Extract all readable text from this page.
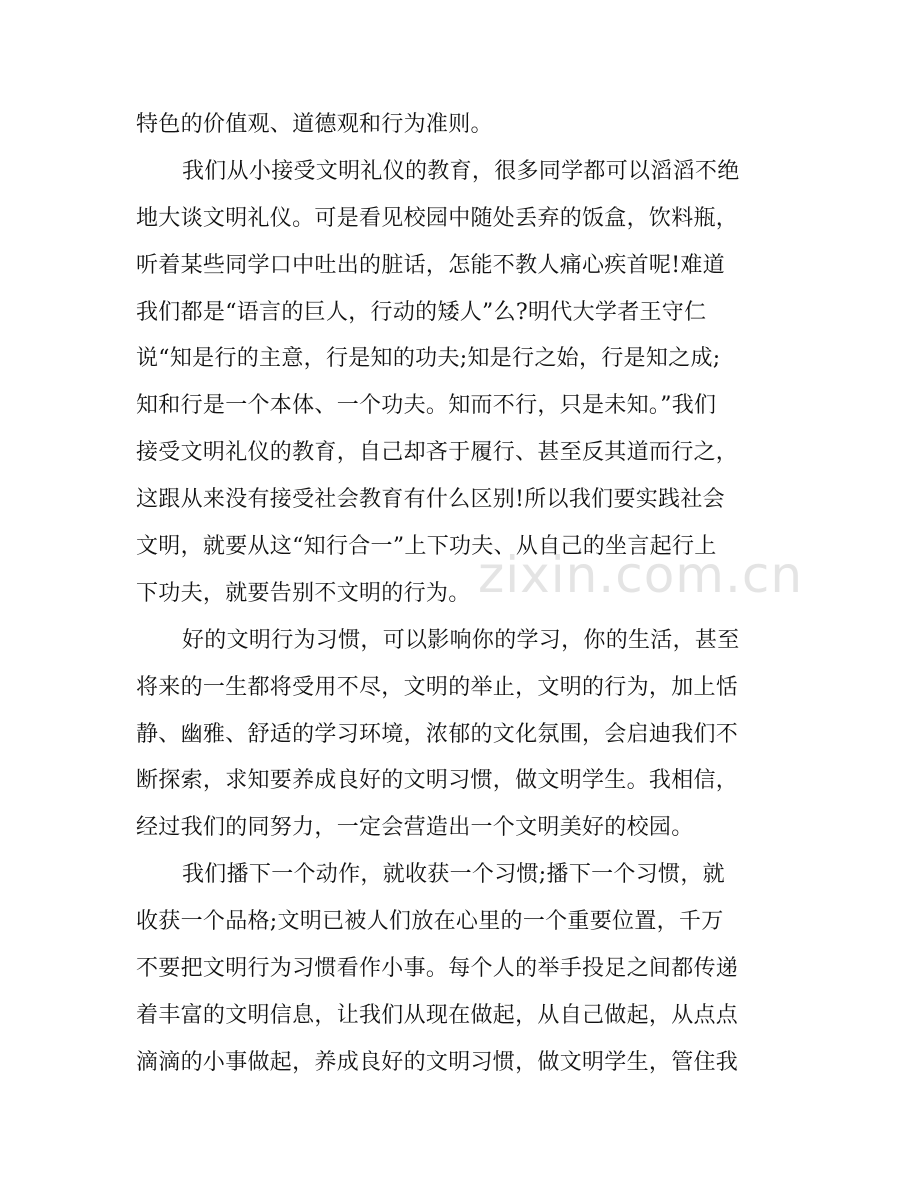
特色的价值观、道德观和行为准则。
我们从小接受文明礼仪的教育，很多同学都可以滔滔不绝
地大谈文明礼仪。可是看见校园中随处丢弃的饭盒，饮料瓶，
听着某些同学口中吐出的脏话，怎能不教人痛心疾首呢!难道
我们都是“语言的巨人，行动的矮人”么?明代大学者王守仁
说“知是行的主意，行是知的功夫;知是行之始，行是知之成;
知和行是一个本体、一个功夫。知而不行，只是未知。”我们
接受文明礼仪的教育，自己却吝于履行、甚至反其道而行之，
这跟从来没有接受社会教育有什么区别!所以我们要实践社会
文明，就要从这“知行合一”上下功夫、从自己的坐言起行上
下功夫，就要告别不文明的行为。
好的文明行为习惯，可以影响你的学习，你的生活，甚至
将来的一生都将受用不尽，文明的举止，文明的行为，加上恬
静、幽雅、舒适的学习环境，浓郁的文化氛围，会启迪我们不
断探索，求知要养成良好的文明习惯，做文明学生。我相信，
经过我们的同努力，一定会营造出一个文明美好的校园。
我们播下一个动作，就收获一个习惯;播下一个习惯，就
收获一个品格;文明已被人们放在心里的一个重要位置，千万
不要把文明行为习惯看作小事。每个人的举手投足之间都传递
着丰富的文明信息，让我们从现在做起，从自己做起，从点点
滴滴的小事做起，养成良好的文明习惯，做文明学生，管住我
zixin.com.cn
